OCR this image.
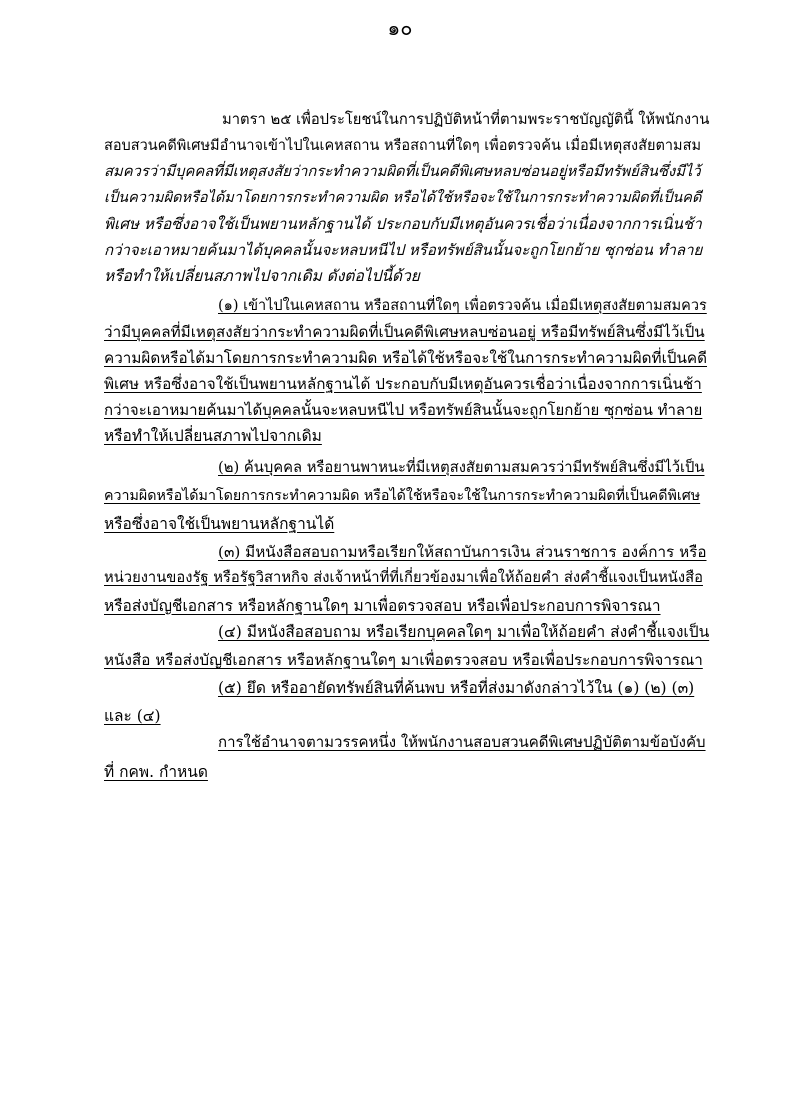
๑๐
มาตรา ๒๕ เพื่อประโยชน์ในการปฏิบัติหน้าที่ตามพระราชบัญญัตินี้ ให้พนักงาน
สอบสวนคดีพิเศษมีอำนาจเข้าไปในเคหสถาน หรือสถานที่ใดๆ เพื่อตรวจค้น เมื่อมีเหตุสงสัยตามสม
สมควรว่ามีบุคคลที่มีเหตุสงสัยว่ากระทำความผิดที่เป็นคดีพิเศษหลบซ่อนอยู่หรือมีทรัพย์สินซึ่งมีไว้
เป็นความผิดหรือได้มาโดยการกระทำความผิด หรือได้ใช้หรือจะใช้ในการกระทำความผิดที่เป็นคดี
พิเศษ หรือซึ่งอาจใช้เป็นพยานหลักฐานได้ ประกอบกับมีเหตุอันควรเชื่อว่าเนื่องจากการเนิ่นช้า
กว่าจะเอาหมายค้นมาได้บุคคลนั้นจะหลบหนีไป หรือทรัพย์สินนั้นจะถูกโยกย้าย ซุกซ่อน ทำลาย
หรือทำให้เปลี่ยนสภาพไปจากเดิม ดังต่อไปนี้ด้วย
(๑) เข้าไปในเคหสถาน หรือสถานที่ใดๆ เพื่อตรวจค้น เมื่อมีเหตุสงสัยตามสมควร
ว่ามีบุคคลที่มีเหตุสงสัยว่ากระทำความผิดที่เป็นคดีพิเศษหลบซ่อนอยู่ หรือมีทรัพย์สินซึ่งมีไว้เป็น
ความผิดหรือได้มาโดยการกระทำความผิด หรือได้ใช้หรือจะใช้ในการกระทำความผิดที่เป็นคดี
พิเศษ หรือซึ่งอาจใช้เป็นพยานหลักฐานได้ ประกอบกับมีเหตุอันควรเชื่อว่าเนื่องจากการเนิ่นช้า
กว่าจะเอาหมายค้นมาได้บุคคลนั้นจะหลบหนีไป หรือทรัพย์สินนั้นจะถูกโยกย้าย ซุกซ่อน ทำลาย
หรือทำให้เปลี่ยนสภาพไปจากเดิม
(๒) ค้นบุคคล หรือยานพาหนะที่มีเหตุสงสัยตามสมควรว่ามีทรัพย์สินซึ่งมีไว้เป็น
ความผิดหรือได้มาโดยการกระทำความผิด หรือได้ใช้หรือจะใช้ในการกระทำความผิดที่เป็นคดีพิเศษ
หรือซึ่งอาจใช้เป็นพยานหลักฐานได้
(๓) มีหนังสือสอบถามหรือเรียกให้สถาบันการเงิน ส่วนราชการ องค์การ หรือ
หน่วยงานของรัฐ หรือรัฐวิสาหกิจ ส่งเจ้าหน้าที่ที่เกี่ยวข้องมาเพื่อให้ถ้อยคำ ส่งคำชี้แจงเป็นหนังสือ
หรือส่งบัญชีเอกสาร หรือหลักฐานใดๆ มาเพื่อตรวจสอบ หรือเพื่อประกอบการพิจารณา
(๔) มีหนังสือสอบถาม หรือเรียกบุคคลใดๆ มาเพื่อให้ถ้อยคำ ส่งคำชี้แจงเป็น
หนังสือ หรือส่งบัญชีเอกสาร หรือหลักฐานใดๆ มาเพื่อตรวจสอบ หรือเพื่อประกอบการพิจารณา
(๕) ยึด หรืออายัดทรัพย์สินที่ค้นพบ หรือที่ส่งมาดังกล่าวไว้ใน (๑) (๒) (๓)
และ (๔)
การใช้อำนาจตามวรรคหนึ่ง ให้พนักงานสอบสวนคดีพิเศษปฏิบัติตามข้อบังคับ
ที่ กคพ. กำหนด
